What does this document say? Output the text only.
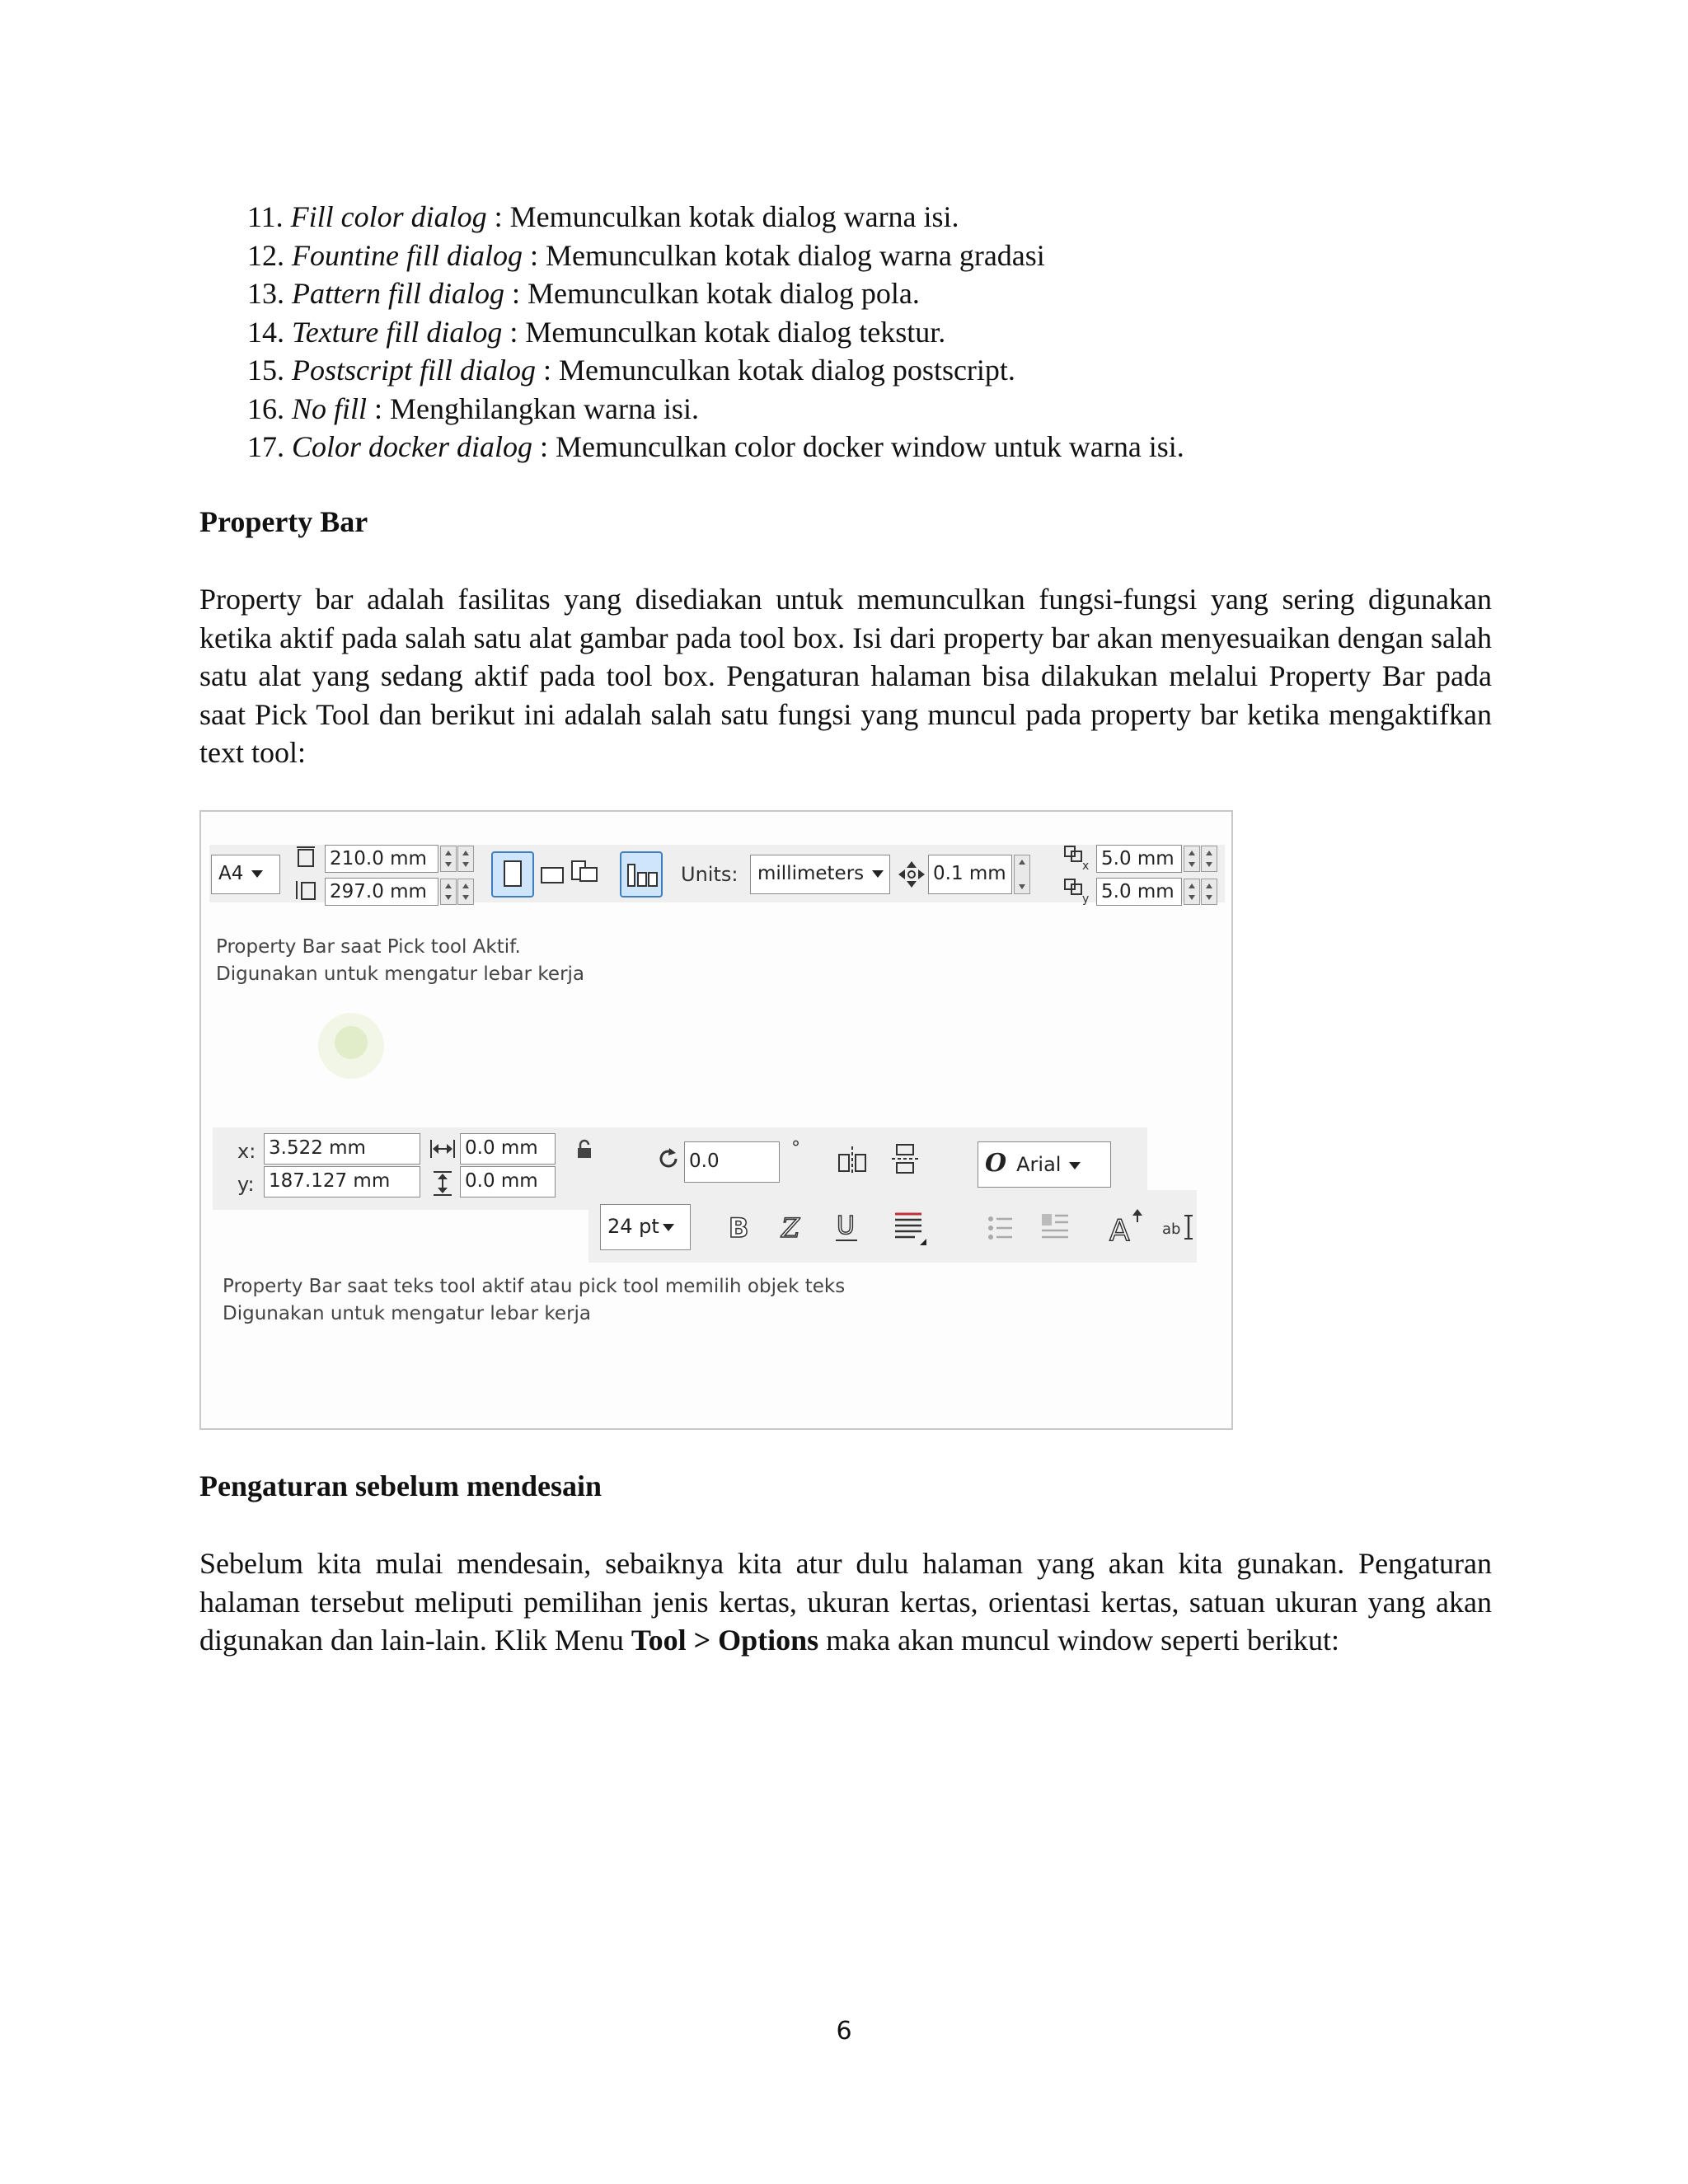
11. Fill color dialog : Memunculkan kotak dialog warna isi.
12. Fountine fill dialog : Memunculkan kotak dialog warna gradasi
13. Pattern fill dialog : Memunculkan kotak dialog pola.
14. Texture fill dialog : Memunculkan kotak dialog tekstur.
15. Postscript fill dialog : Memunculkan kotak dialog postscript.
16. No fill : Menghilangkan warna isi.
17. Color docker dialog : Memunculkan color docker window untuk warna isi.
Property Bar

Property bar adalah fasilitas yang disediakan untuk memunculkan fungsi-fungsi yang sering digunakan ketika aktif pada salah satu alat gambar pada tool box. Isi dari property bar akan menyesuaikan dengan salah satu alat yang sedang aktif pada tool box. Pengaturan halaman bisa dilakukan melalui Property Bar pada saat Pick Tool dan berikut ini adalah salah satu fungsi yang muncul pada property bar ketika mengaktifkan text tool:

A4
210.0 mm
297.0 mm
Units:	millimeters	0.1 mm	x
y
5.0 mm
5.0 mm
Property Bar saat Pick tool Aktif.
Digunakan untuk mengatur lebar kerja
x:
y:
3.522 mm
187.127 mm
0.0 mm
0.0 mm
0.0
°
O Arial
24 pt	B Z U	A ab
Property Bar saat teks tool aktif atau pick tool memilih objek teks
Digunakan untuk mengatur lebar kerja
Pengaturan sebelum mendesain

Sebelum kita mulai mendesain, sebaiknya kita atur dulu halaman yang akan kita gunakan. Pengaturan halaman tersebut meliputi pemilihan jenis kertas, ukuran kertas, orientasi kertas, satuan ukuran yang akan digunakan dan lain-lain. Klik Menu Tool > Options maka akan muncul window seperti berikut:

6
